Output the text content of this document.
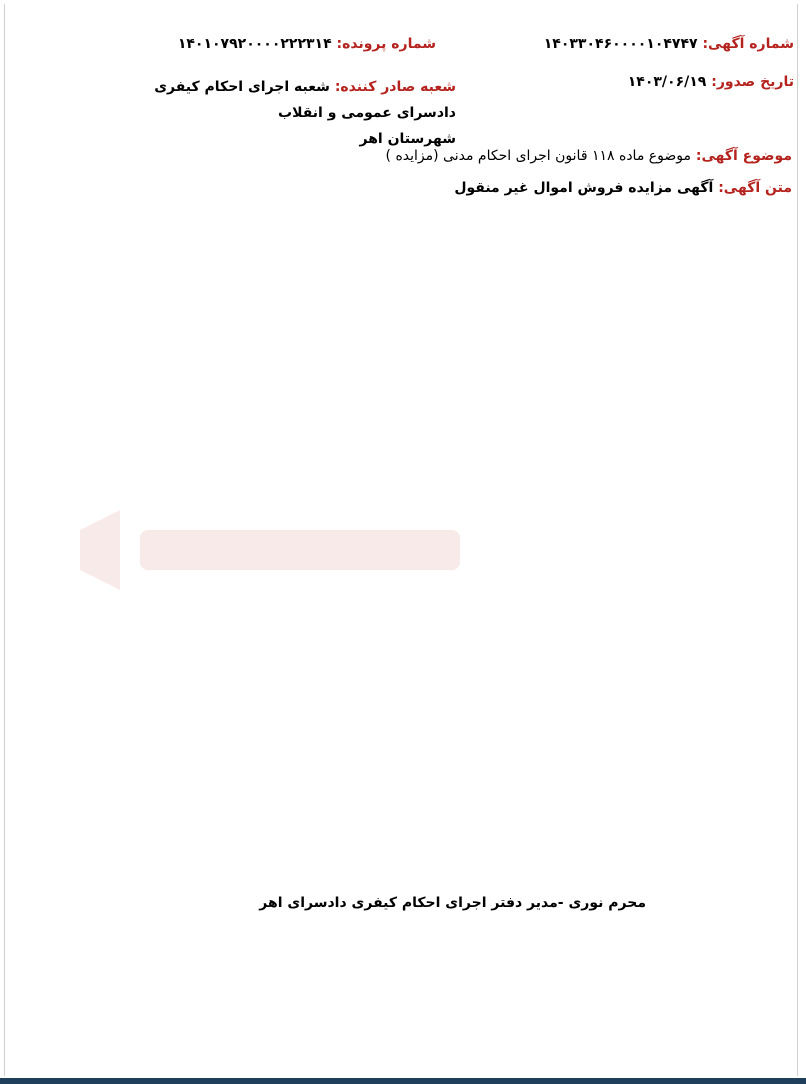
شماره آگهی: ۱۴۰۳۳۰۴۶۰۰۰۰۱۰۴۷۴۷
شماره پرونده: ۱۴۰۱۰۷۹۲۰۰۰۰۲۲۲۳۱۴
تاریخ صدور: ۱۴۰۳/۰۶/۱۹
شعبه صادر کننده: شعبه اجرای احکام کیفری دادسرای عمومی و انقلاب
شهرستان اهر
موضوع آگهی: موضوع ماده ۱۱۸ قانون اجرای احکام مدنی (مزایده )
متن آگهی: آگهی مزایده فروش اموال غیر منقول
محرم نوری -مدیر دفتر اجرای احکام کیفری دادسرای اهر
